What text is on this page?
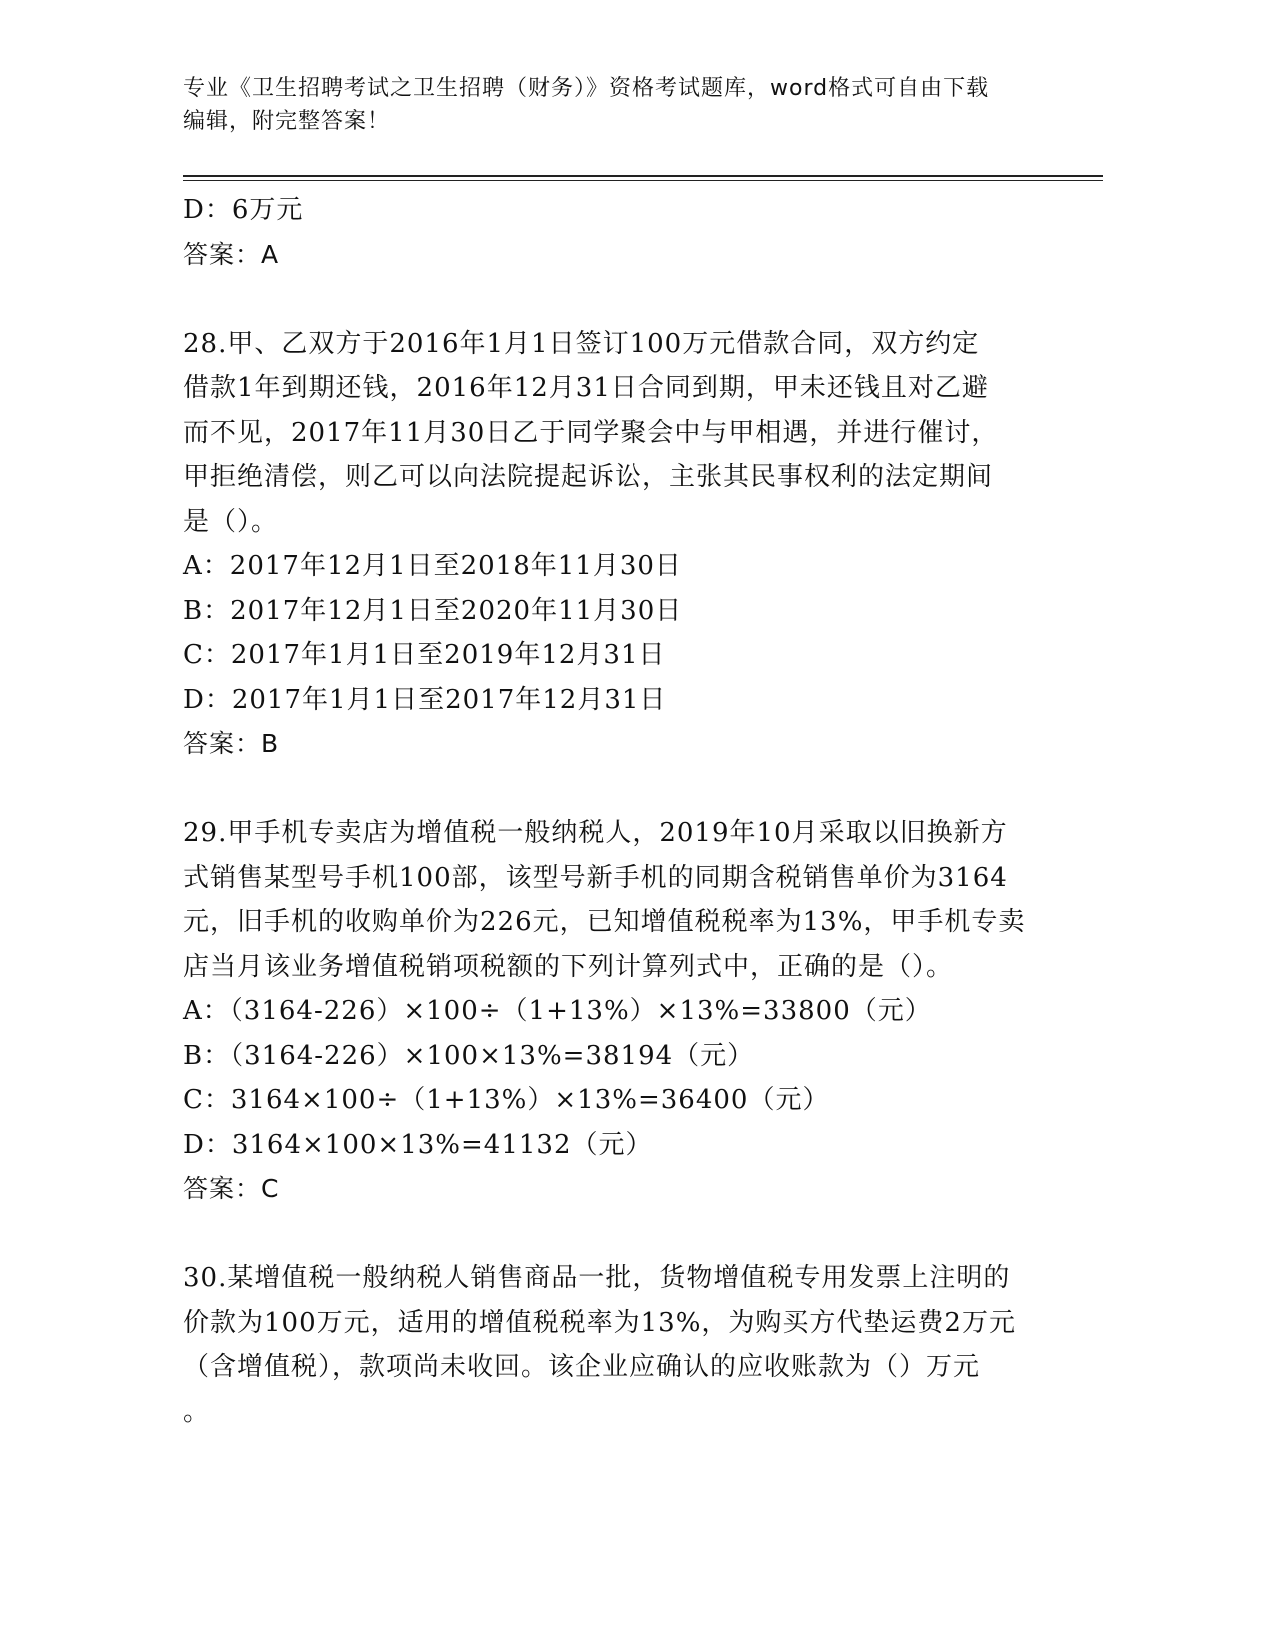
专业《卫生招聘考试之卫生招聘（财务）》资格考试题库，word格式可自由下载
编辑，附完整答案！
D：6万元
答案：A
28.甲、乙双方于2016年1月1日签订100万元借款合同，双方约定
借款1年到期还钱，2016年12月31日合同到期，甲未还钱且对乙避
而不见，2017年11月30日乙于同学聚会中与甲相遇，并进行催讨，
甲拒绝清偿，则乙可以向法院提起诉讼，主张其民事权利的法定期间
是（）。
A：2017年12月1日至2018年11月30日
B：2017年12月1日至2020年11月30日
C：2017年1月1日至2019年12月31日
D：2017年1月1日至2017年12月31日
答案：B
29.甲手机专卖店为增值税一般纳税人，2019年10月采取以旧换新方
式销售某型号手机100部，该型号新手机的同期含税销售单价为3164
元，旧手机的收购单价为226元，已知增值税税率为13%，甲手机专卖
店当月该业务增值税销项税额的下列计算列式中，正确的是（）。
A：（3164-226）×100÷（1+13%）×13%=33800（元）
B：（3164-226）×100×13%=38194（元）
C：3164×100÷（1+13%）×13%=36400（元）
D：3164×100×13%=41132（元）
答案：C
30.某增值税一般纳税人销售商品一批，货物增值税专用发票上注明的
价款为100万元，适用的增值税税率为13%，为购买方代垫运费2万元
（含增值税），款项尚未收回。该企业应确认的应收账款为（）万元
。
